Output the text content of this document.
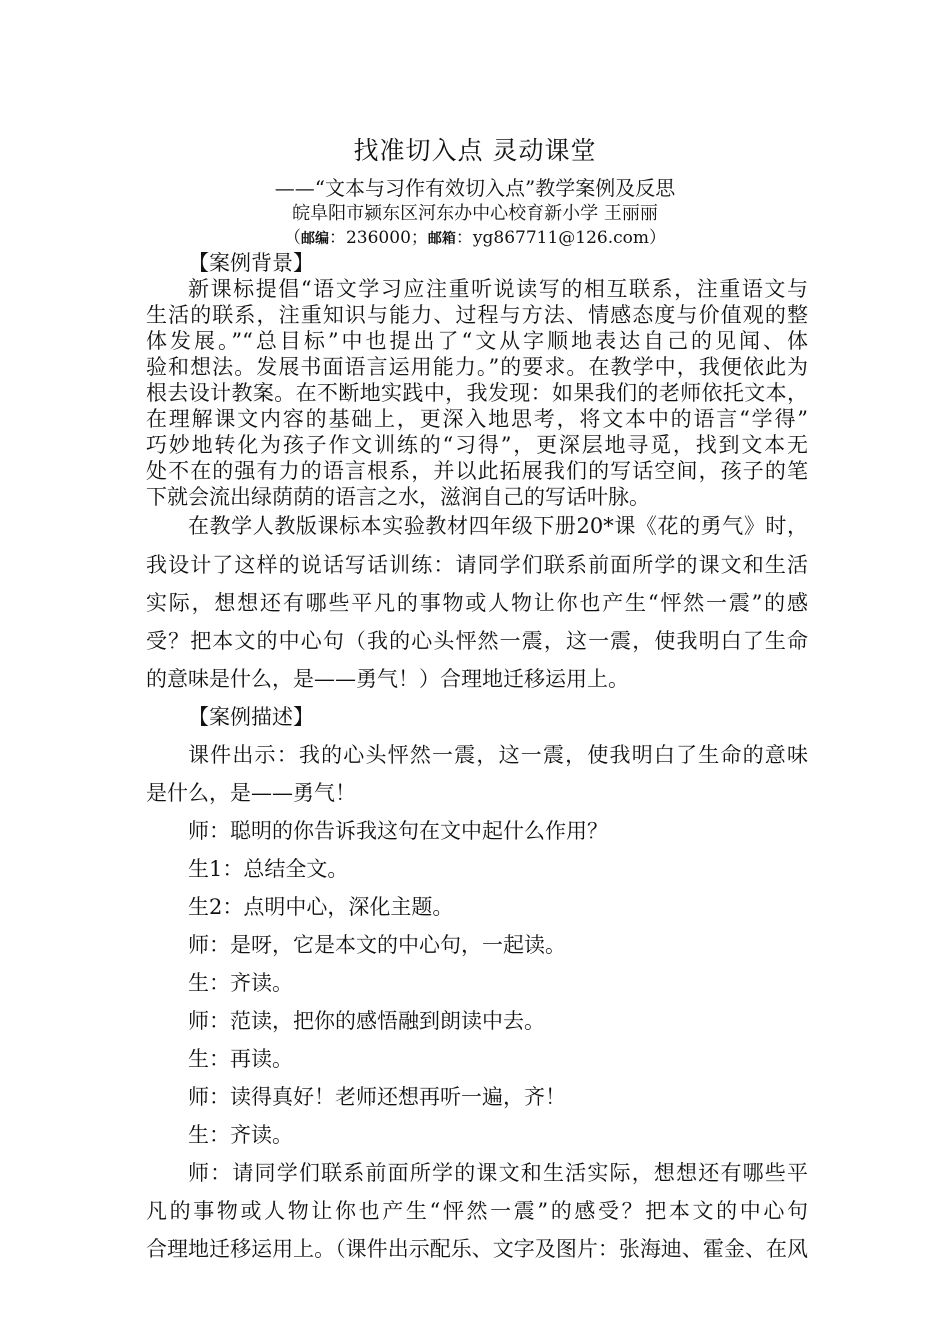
找准切入点 灵动课堂
——“文本与习作有效切入点”教学案例及反思
皖阜阳市颍东区河东办中心校育新小学 王丽丽
（邮编：236000；邮箱：yg867711@126.com）
【案例背景】
新课标提倡“语文学习应注重听说读写的相互联系，注重语文与
生活的联系，注重知识与能力、过程与方法、情感态度与价值观的整
体发展。”“总目标”中也提出了“文从字顺地表达自己的见闻、体
验和想法。发展书面语言运用能力。”的要求。在教学中，我便依此为
根去设计教案。在不断地实践中，我发现：如果我们的老师依托文本，
在理解课文内容的基础上，更深入地思考，将文本中的语言“学得”
巧妙地转化为孩子作文训练的“习得”，更深层地寻觅，找到文本无
处不在的强有力的语言根系，并以此拓展我们的写话空间，孩子的笔
下就会流出绿荫荫的语言之水，滋润自己的写话叶脉。
在教学人教版课标本实验教材四年级下册20*课《花的勇气》时，
我设计了这样的说话写话训练：请同学们联系前面所学的课文和生活
实际，想想还有哪些平凡的事物或人物让你也产生“怦然一震”的感
受？把本文的中心句（我的心头怦然一震，这一震，使我明白了生命
的意味是什么，是——勇气！）合理地迁移运用上。
【案例描述】
课件出示：我的心头怦然一震，这一震，使我明白了生命的意味
是什么，是——勇气！
师：聪明的你告诉我这句在文中起什么作用？
生1：总结全文。
生2：点明中心，深化主题。
师：是呀，它是本文的中心句，一起读。
生：齐读。
师：范读，把你的感悟融到朗读中去。
生：再读。
师：读得真好！老师还想再听一遍，齐！
生：齐读。
师：请同学们联系前面所学的课文和生活实际，想想还有哪些平
凡的事物或人物让你也产生“怦然一震”的感受？把本文的中心句
合理地迁移运用上。（课件出示配乐、文字及图片：张海迪、霍金、在风
